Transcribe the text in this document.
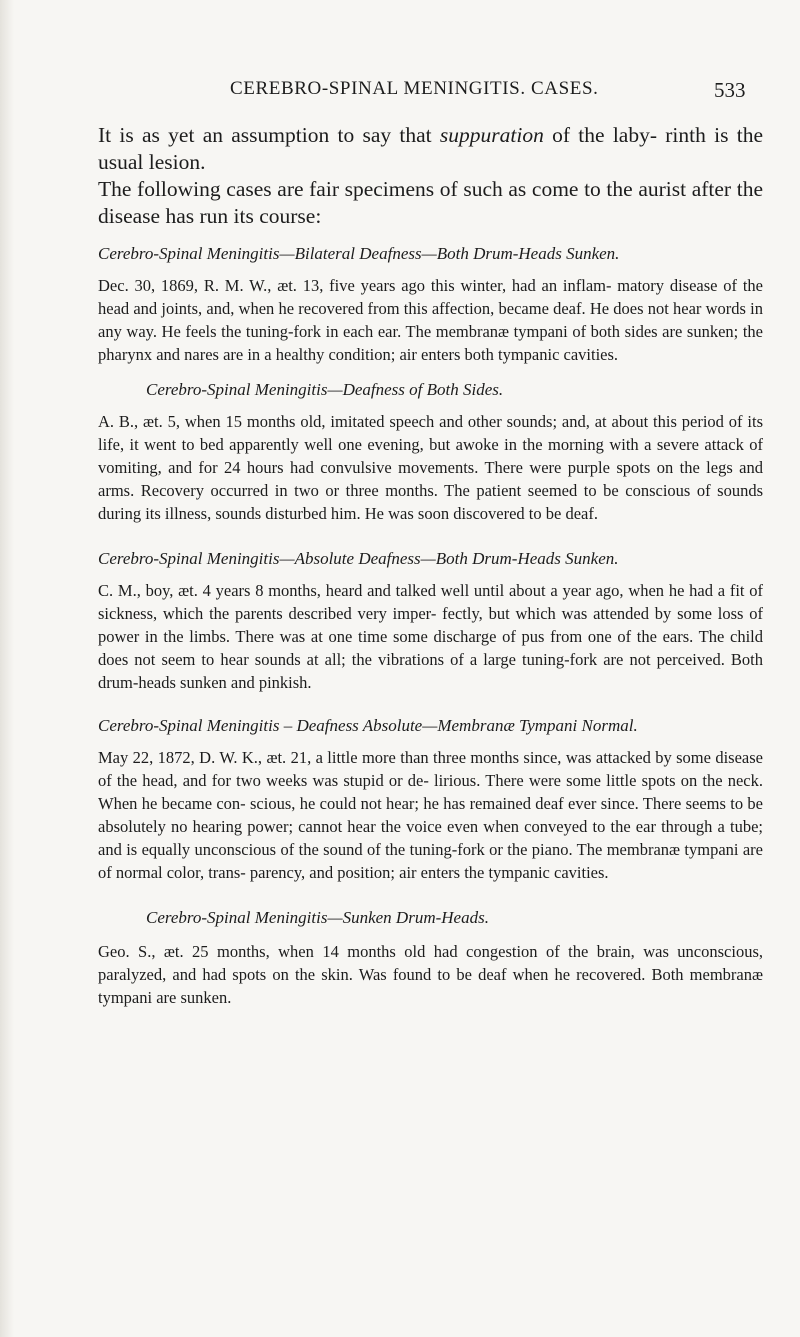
CEREBRO-SPINAL MENINGITIS. CASES.	533

It is as yet an assumption to say that suppuration of the laby- rinth is the usual lesion.

The following cases are fair specimens of such as come to the aurist after the disease has run its course:

Cerebro-Spinal Meningitis—Bilateral Deafness—Both Drum-Heads Sunken.

Dec. 30, 1869, R. M. W., æt. 13, five years ago this winter, had an inflam- matory disease of the head and joints, and, when he recovered from this affection, became deaf. He does not hear words in any way. He feels the tuning-fork in each ear. The membranæ tympani of both sides are sunken; the pharynx and nares are in a healthy condition; air enters both tympanic cavities.

Cerebro-Spinal Meningitis—Deafness of Both Sides.

A. B., æt. 5, when 15 months old, imitated speech and other sounds; and, at about this period of its life, it went to bed apparently well one evening, but awoke in the morning with a severe attack of vomiting, and for 24 hours had convulsive movements. There were purple spots on the legs and arms. Recovery occurred in two or three months. The patient seemed to be conscious of sounds during its illness, sounds disturbed him. He was soon discovered to be deaf.

Cerebro-Spinal Meningitis—Absolute Deafness—Both Drum-Heads Sunken.

C. M., boy, æt. 4 years 8 months, heard and talked well until about a year ago, when he had a fit of sickness, which the parents described very imper- fectly, but which was attended by some loss of power in the limbs. There was at one time some discharge of pus from one of the ears. The child does not seem to hear sounds at all; the vibrations of a large tuning-fork are not perceived. Both drum-heads sunken and pinkish.

Cerebro-Spinal Meningitis – Deafness Absolute—Membranæ Tympani Normal.

May 22, 1872, D. W. K., æt. 21, a little more than three months since, was attacked by some disease of the head, and for two weeks was stupid or de- lirious. There were some little spots on the neck. When he became con- scious, he could not hear; he has remained deaf ever since. There seems to be absolutely no hearing power; cannot hear the voice even when conveyed to the ear through a tube; and is equally unconscious of the sound of the tuning-fork or the piano. The membranæ tympani are of normal color, trans- parency, and position; air enters the tympanic cavities.

Cerebro-Spinal Meningitis—Sunken Drum-Heads.

Geo. S., æt. 25 months, when 14 months old had congestion of the brain, was unconscious, paralyzed, and had spots on the skin. Was found to be deaf when he recovered. Both membranæ tympani are sunken.
